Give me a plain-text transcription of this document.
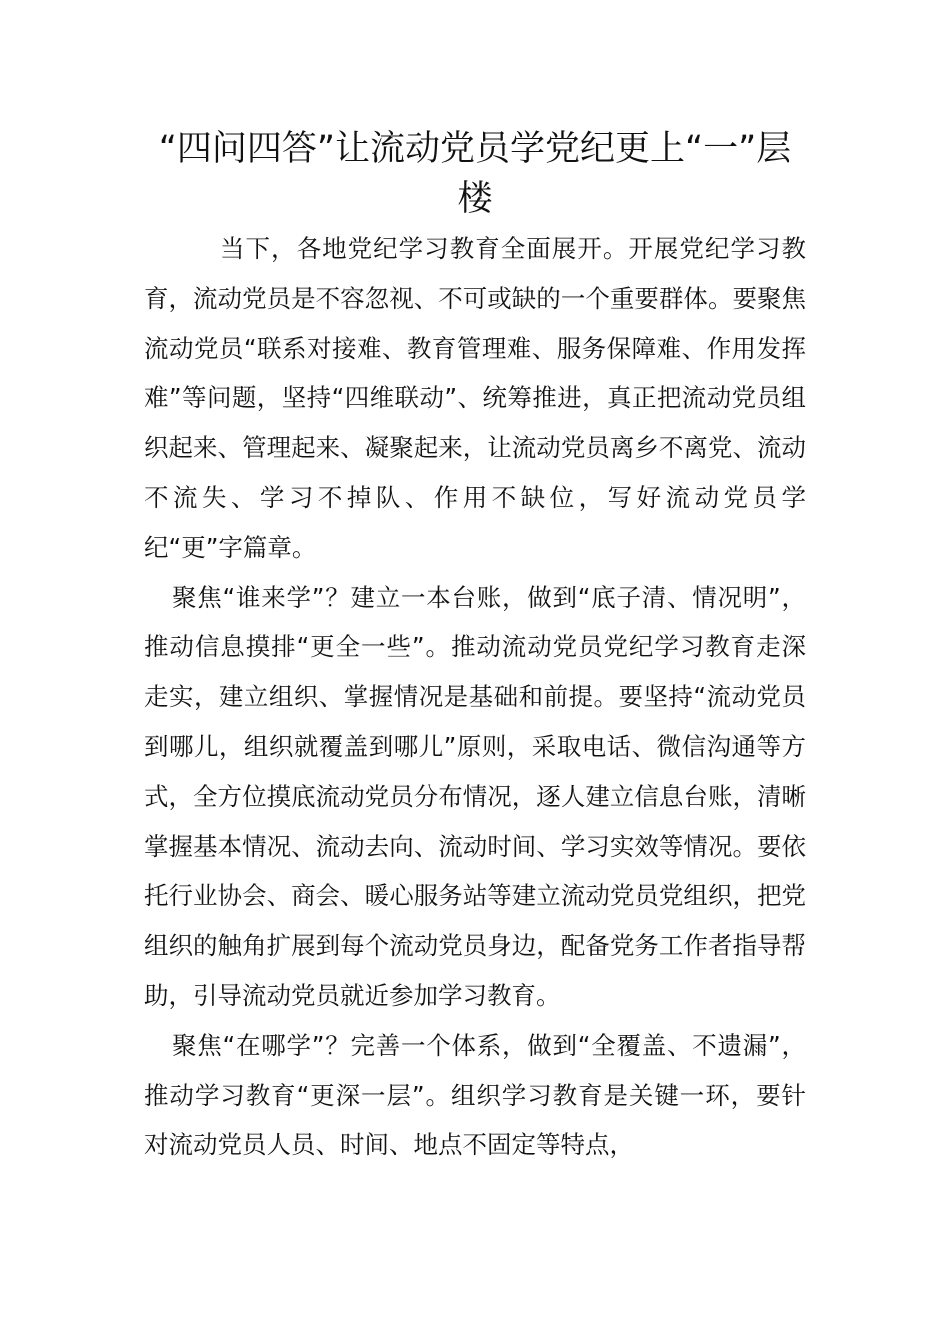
“四问四答”让流动党员学党纪更上“一”层楼

当下，各地党纪学习教育全面展开。开展党纪学习教育，流动党员是不容忽视、不可或缺的一个重要群体。要聚焦流动党员“联系对接难、教育管理难、服务保障难、作用发挥难”等问题，坚持“四维联动”、统筹推进，真正把流动党员组织起来、管理起来、凝聚起来，让流动党员离乡不离党、流动不流失、学习不掉队、作用不缺位，写好流动党员学纪“更”字篇章。

聚焦“谁来学”？建立一本台账，做到“底子清、情况明”，推动信息摸排“更全一些”。推动流动党员党纪学习教育走深走实，建立组织、掌握情况是基础和前提。要坚持“流动党员到哪儿，组织就覆盖到哪儿”原则，采取电话、微信沟通等方式，全方位摸底流动党员分布情况，逐人建立信息台账，清晰掌握基本情况、流动去向、流动时间、学习实效等情况。要依托行业协会、商会、暖心服务站等建立流动党员党组织，把党组织的触角扩展到每个流动党员身边，配备党务工作者指导帮助，引导流动党员就近参加学习教育。

聚焦“在哪学”？完善一个体系，做到“全覆盖、不遗漏”，推动学习教育“更深一层”。组织学习教育是关键一环，要针对流动党员人员、时间、地点不固定等特点，
